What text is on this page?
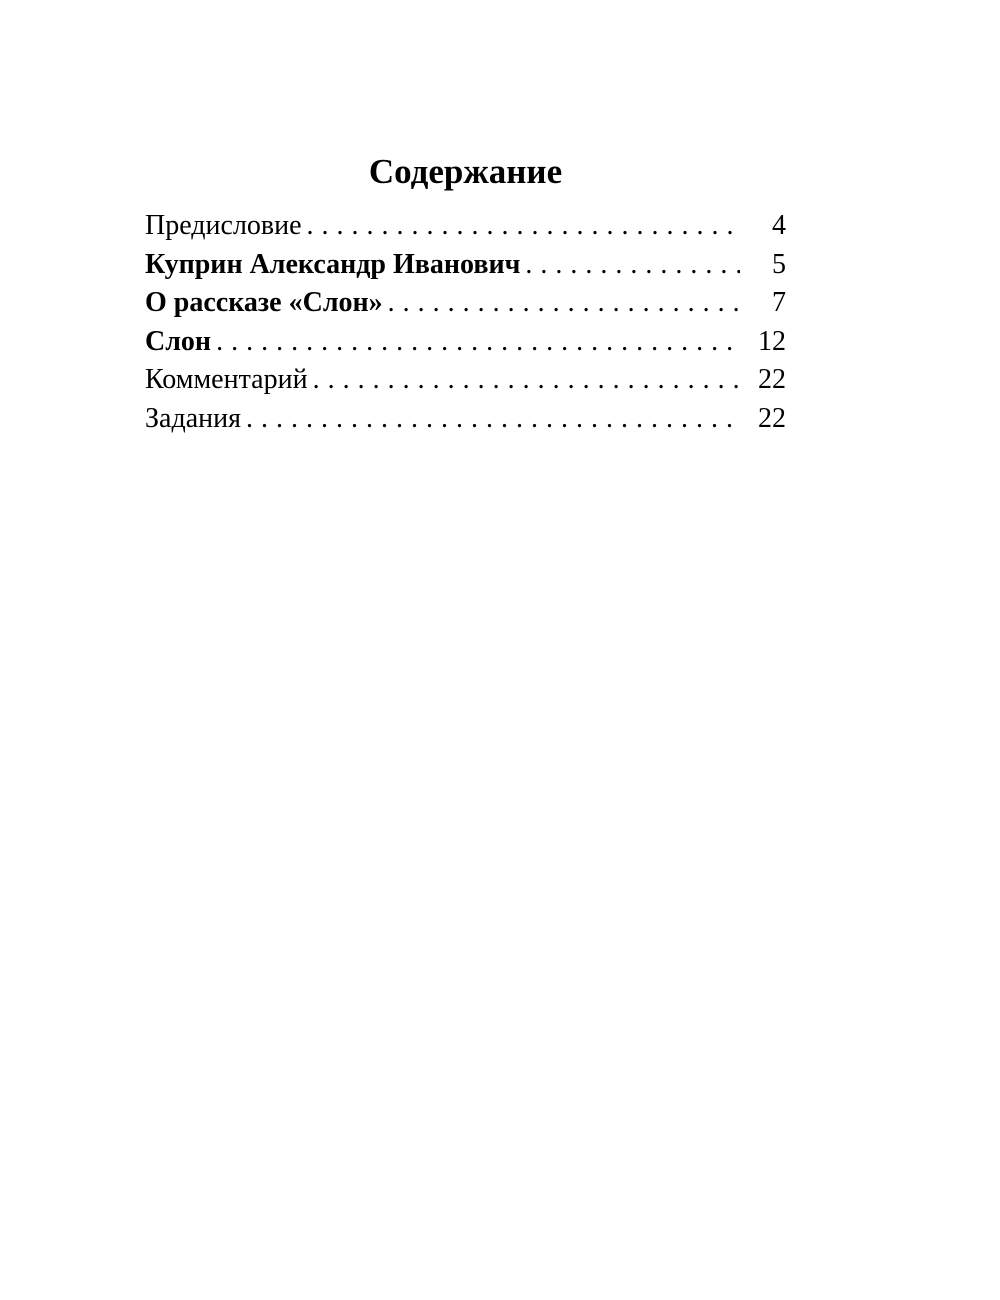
Содержание
Предисловие . . .	4
Куприн Александр Иванович . . .	5
О рассказе «Слон» . . .	7
Слон . . .	12
Комментарий . . .	22
Задания . . .	22
